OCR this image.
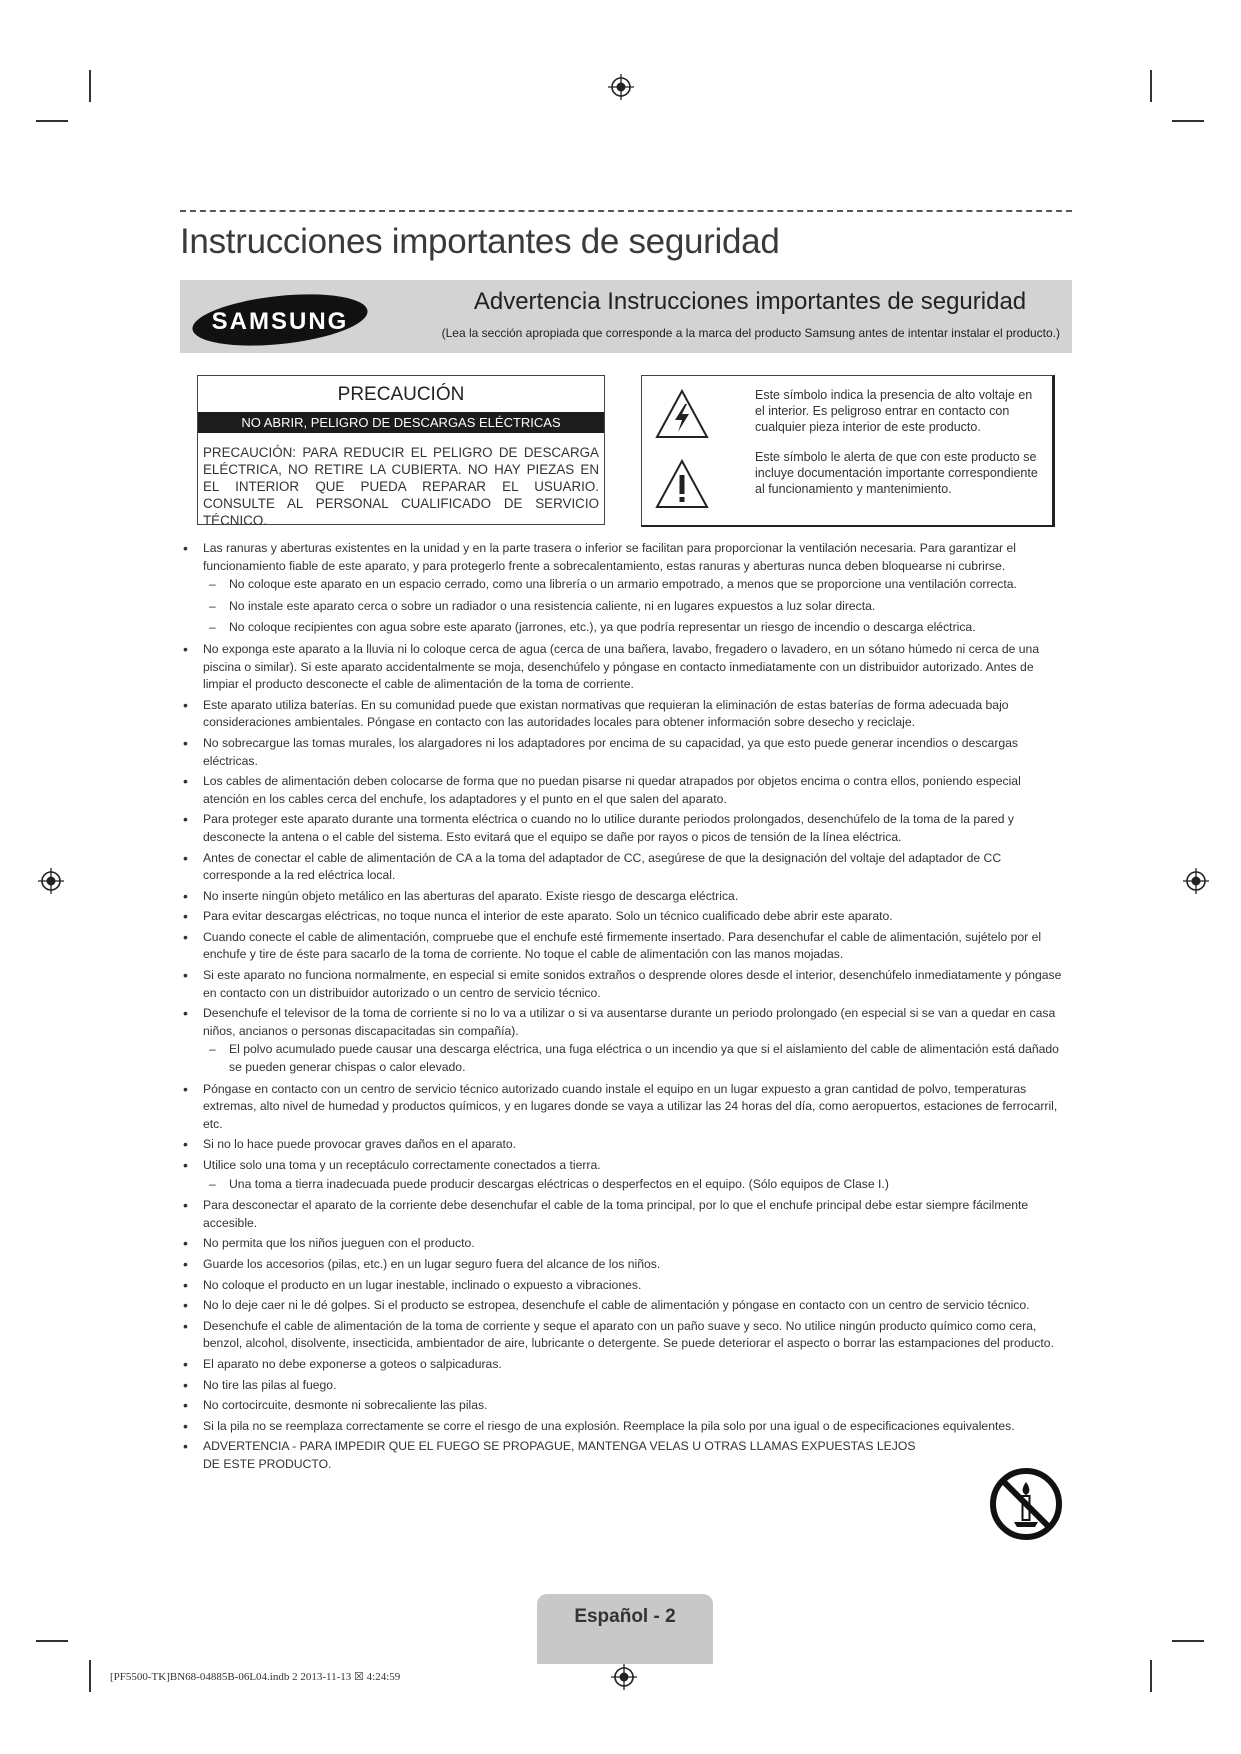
Instrucciones importantes de seguridad
SAMSUNG
Advertencia Instrucciones importantes de seguridad
(Lea la sección apropiada que corresponde a la marca del producto Samsung antes de intentar instalar el producto.)
PRECAUCIÓN
NO ABRIR, PELIGRO DE DESCARGAS ELÉCTRICAS
PRECAUCIÓN: PARA REDUCIR EL PELIGRO DE DESCARGA ELÉCTRICA, NO RETIRE LA CUBIERTA. NO HAY PIEZAS EN EL INTERIOR QUE PUEDA REPARAR EL USUARIO. CONSULTE AL PERSONAL CUALIFICADO DE SERVICIO TÉCNICO.
Este símbolo indica la presencia de alto voltaje en el interior. Es peligroso entrar en contacto con cualquier pieza interior de este producto.
Este símbolo le alerta de que con este producto se incluye documentación importante correspondiente al funcionamiento y mantenimiento.
• Las ranuras y aberturas existentes en la unidad y en la parte trasera o inferior se facilitan para proporcionar la ventilación necesaria. Para garantizar el funcionamiento fiable de este aparato, y para protegerlo frente a sobrecalentamiento, estas ranuras y aberturas nunca deben bloquearse ni cubrirse.
– No coloque este aparato en un espacio cerrado, como una librería o un armario empotrado, a menos que se proporcione una ventilación correcta.
– No instale este aparato cerca o sobre un radiador o una resistencia caliente, ni en lugares expuestos a luz solar directa.
– No coloque recipientes con agua sobre este aparato (jarrones, etc.), ya que podría representar un riesgo de incendio o descarga eléctrica.
• No exponga este aparato a la lluvia ni lo coloque cerca de agua (cerca de una bañera, lavabo, fregadero o lavadero, en un sótano húmedo ni cerca de una piscina o similar). Si este aparato accidentalmente se moja, desenchúfelo y póngase en contacto inmediatamente con un distribuidor autorizado. Antes de limpiar el producto desconecte el cable de alimentación de la toma de corriente.
• Este aparato utiliza baterías. En su comunidad puede que existan normativas que requieran la eliminación de estas baterías de forma adecuada bajo consideraciones ambientales. Póngase en contacto con las autoridades locales para obtener información sobre desecho y reciclaje.
• No sobrecargue las tomas murales, los alargadores ni los adaptadores por encima de su capacidad, ya que esto puede generar incendios o descargas eléctricas.
• Los cables de alimentación deben colocarse de forma que no puedan pisarse ni quedar atrapados por objetos encima o contra ellos, poniendo especial atención en los cables cerca del enchufe, los adaptadores y el punto en el que salen del aparato.
• Para proteger este aparato durante una tormenta eléctrica o cuando no lo utilice durante periodos prolongados, desenchúfelo de la toma de la pared y desconecte la antena o el cable del sistema. Esto evitará que el equipo se dañe por rayos o picos de tensión de la línea eléctrica.
• Antes de conectar el cable de alimentación de CA a la toma del adaptador de CC, asegúrese de que la designación del voltaje del adaptador de CC corresponde a la red eléctrica local.
• No inserte ningún objeto metálico en las aberturas del aparato. Existe riesgo de descarga eléctrica.
• Para evitar descargas eléctricas, no toque nunca el interior de este aparato. Solo un técnico cualificado debe abrir este aparato.
• Cuando conecte el cable de alimentación, compruebe que el enchufe esté firmemente insertado. Para desenchufar el cable de alimentación, sujételo por el enchufe y tire de éste para sacarlo de la toma de corriente. No toque el cable de alimentación con las manos mojadas.
• Si este aparato no funciona normalmente, en especial si emite sonidos extraños o desprende olores desde el interior, desenchúfelo inmediatamente y póngase en contacto con un distribuidor autorizado o un centro de servicio técnico.
• Desenchufe el televisor de la toma de corriente si no lo va a utilizar o si va ausentarse durante un periodo prolongado (en especial si se van a quedar en casa niños, ancianos o personas discapacitadas sin compañía).
– El polvo acumulado puede causar una descarga eléctrica, una fuga eléctrica o un incendio ya que si el aislamiento del cable de alimentación está dañado se pueden generar chispas o calor elevado.
• Póngase en contacto con un centro de servicio técnico autorizado cuando instale el equipo en un lugar expuesto a gran cantidad de polvo, temperaturas extremas, alto nivel de humedad y productos químicos, y en lugares donde se vaya a utilizar las 24 horas del día, como aeropuertos, estaciones de ferrocarril, etc.
• Si no lo hace puede provocar graves daños en el aparato.
• Utilice solo una toma y un receptáculo correctamente conectados a tierra.
– Una toma a tierra inadecuada puede producir descargas eléctricas o desperfectos en el equipo. (Sólo equipos de Clase I.)
• Para desconectar el aparato de la corriente debe desenchufar el cable de la toma principal, por lo que el enchufe principal debe estar siempre fácilmente accesible.
• No permita que los niños jueguen con el producto.
• Guarde los accesorios (pilas, etc.) en un lugar seguro fuera del alcance de los niños.
• No coloque el producto en un lugar inestable, inclinado o expuesto a vibraciones.
• No lo deje caer ni le dé golpes. Si el producto se estropea, desenchufe el cable de alimentación y póngase en contacto con un centro de servicio técnico.
• Desenchufe el cable de alimentación de la toma de corriente y seque el aparato con un paño suave y seco. No utilice ningún producto químico como cera, benzol, alcohol, disolvente, insecticida, ambientador de aire, lubricante o detergente. Se puede deteriorar el aspecto o borrar las estampaciones del producto.
• El aparato no debe exponerse a goteos o salpicaduras.
• No tire las pilas al fuego.
• No cortocircuite, desmonte ni sobrecaliente las pilas.
• Si la pila no se reemplaza correctamente se corre el riesgo de una explosión. Reemplace la pila solo por una igual o de especificaciones equivalentes.
• ADVERTENCIA - PARA IMPEDIR QUE EL FUEGO SE PROPAGUE, MANTENGA VELAS U OTRAS LLAMAS EXPUESTAS LEJOS DE ESTE PRODUCTO.
Español - 2
[PF5500-TK]BN68-04885B-06L04.indb 2 2013-11-13 ☒ 4:24:59
